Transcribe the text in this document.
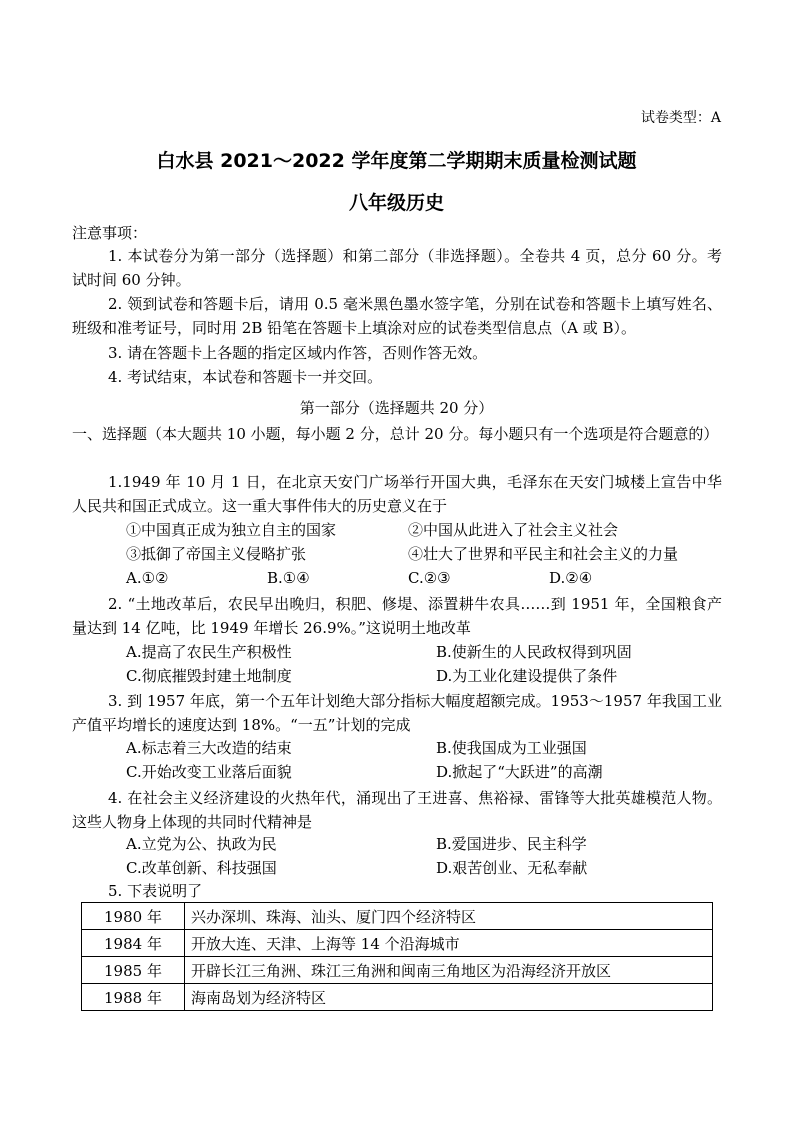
试卷类型：A
白水县 2021～2022 学年度第二学期期末质量检测试题
八年级历史
注意事项：
1. 本试卷分为第一部分（选择题）和第二部分（非选择题）。全卷共 4 页，总分 60 分。考试时间 60 分钟。
2. 领到试卷和答题卡后，请用 0.5 毫米黑色墨水签字笔，分别在试卷和答题卡上填写姓名、班级和准考证号，同时用 2B 铅笔在答题卡上填涂对应的试卷类型信息点（A 或 B）。
3. 请在答题卡上各题的指定区域内作答，否则作答无效。
4. 考试结束，本试卷和答题卡一并交回。
第一部分（选择题共 20 分）
一、选择题（本大题共 10 小题，每小题 2 分，总计 20 分。每小题只有一个选项是符合题意的）
1.1949 年 10 月 1 日，在北京天安门广场举行开国大典，毛泽东在天安门城楼上宣告中华人民共和国正式成立。这一重大事件伟大的历史意义在于
①中国真正成为独立自主的国家	②中国从此进入了社会主义社会
③抵御了帝国主义侵略扩张	④壮大了世界和平民主和社会主义的力量
A.①②	B.①④	C.②③	D.②④
2. “土地改革后，农民早出晚归，积肥、修堤、添置耕牛农具……到 1951 年，全国粮食产量达到 14 亿吨，比 1949 年增长 26.9%。”这说明土地改革
A.提高了农民生产积极性	B.使新生的人民政权得到巩固
C.彻底摧毁封建土地制度	D.为工业化建设提供了条件
3. 到 1957 年底，第一个五年计划绝大部分指标大幅度超额完成。1953～1957 年我国工业产值平均增长的速度达到 18%。“一五”计划的完成
A.标志着三大改造的结束	B.使我国成为工业强国
C.开始改变工业落后面貌	D.掀起了“大跃进”的高潮
4. 在社会主义经济建设的火热年代，涌现出了王进喜、焦裕禄、雷锋等大批英雄模范人物。这些人物身上体现的共同时代精神是
A.立党为公、执政为民	B.爱国进步、民主科学
C.改革创新、科技强国	D.艰苦创业、无私奉献
5. 下表说明了
1980 年	兴办深圳、珠海、汕头、厦门四个经济特区
1984 年	开放大连、天津、上海等 14 个沿海城市
1985 年	开辟长江三角洲、珠江三角洲和闽南三角地区为沿海经济开放区
1988 年	海南岛划为经济特区
